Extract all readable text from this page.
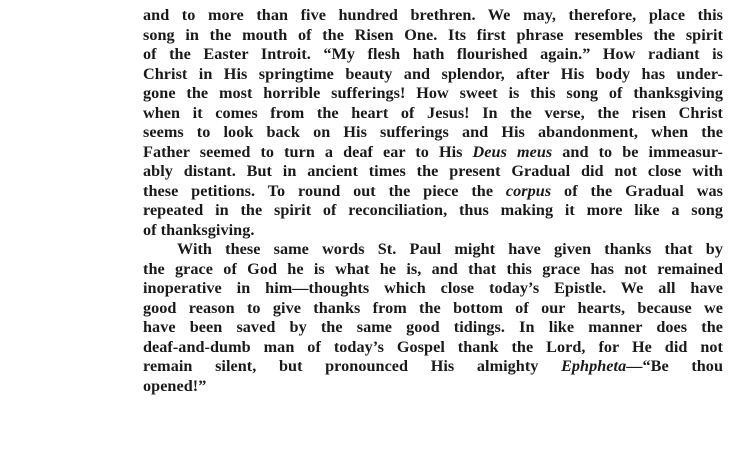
and to more than five hundred brethren. We may, therefore, place this
song in the mouth of the Risen One. Its first phrase resembles the spirit
of the Easter Introit. “My flesh hath flourished again.” How radiant is
Christ in His springtime beauty and splendor, after His body has under-
gone the most horrible sufferings! How sweet is this song of thanksgiving
when it comes from the heart of Jesus! In the verse, the risen Christ
seems to look back on His sufferings and His abandonment, when the
Father seemed to turn a deaf ear to His Deus meus and to be immeasur-
ably distant. But in ancient times the present Gradual did not close with
these petitions. To round out the piece the corpus of the Gradual was
repeated in the spirit of reconciliation, thus making it more like a song
of thanksgiving.
With these same words St. Paul might have given thanks that by
the grace of God he is what he is, and that this grace has not remained
inoperative in him—thoughts which close today’s Epistle. We all have
good reason to give thanks from the bottom of our hearts, because we
have been saved by the same good tidings. In like manner does the
deaf-and-dumb man of today’s Gospel thank the Lord, for He did not
remain silent, but pronounced His almighty Ephpheta—“Be thou
opened!”
